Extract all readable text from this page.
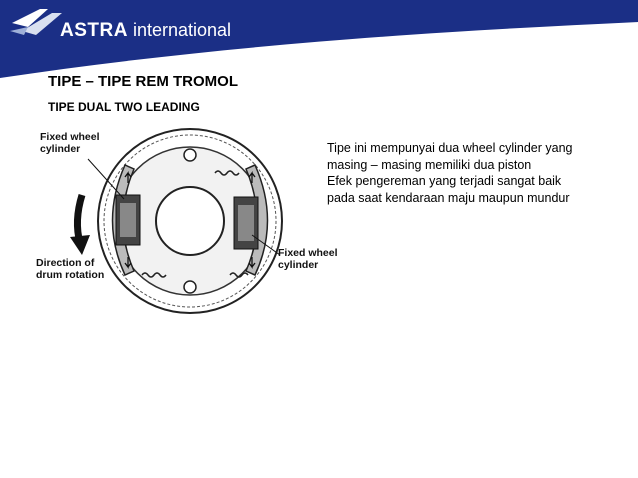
ASTRA international
TIPE – TIPE REM TROMOL
TIPE DUAL TWO LEADING
Fixed wheel
cylinder
Direction of
drum rotation
Fixed wheel
cylinder
Tipe ini mempunyai dua wheel cylinder yang
masing – masing memiliki dua piston
Efek pengereman yang terjadi sangat baik
pada saat kendaraan maju maupun mundur
